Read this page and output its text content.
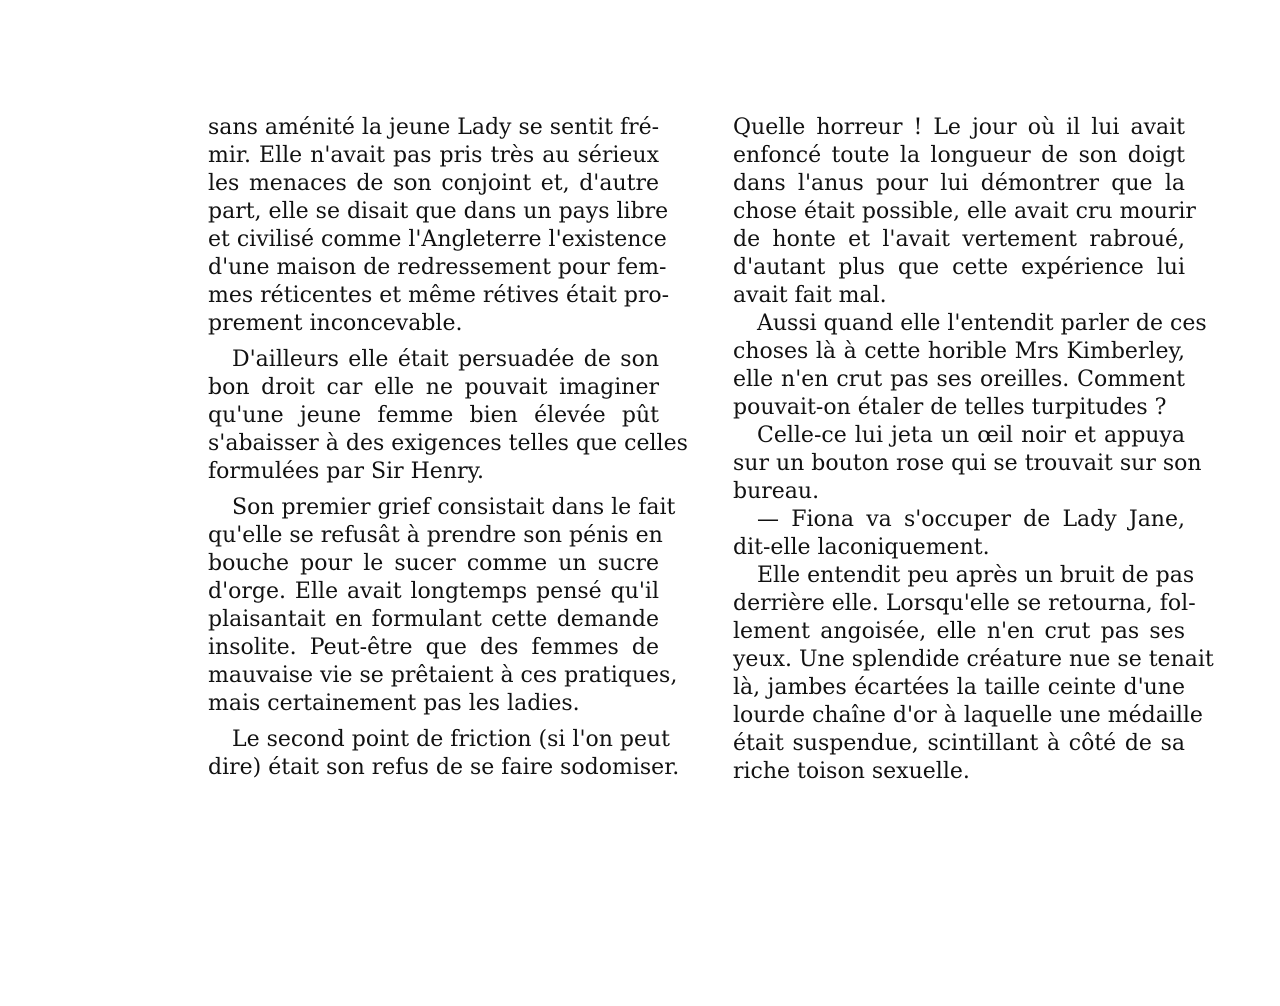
sans aménité la jeune Lady se sentit fré-
mir. Elle n'avait pas pris très au sérieux
les menaces de son conjoint et, d'autre
part, elle se disait que dans un pays libre
et civilisé comme l'Angleterre l'existence
d'une maison de redressement pour fem-
mes réticentes et même rétives était pro-
prement inconcevable.
D'ailleurs elle était persuadée de son
bon droit car elle ne pouvait imaginer
qu'une jeune femme bien élevée pût
s'abaisser à des exigences telles que celles
formulées par Sir Henry.
Son premier grief consistait dans le fait
qu'elle se refusât à prendre son pénis en
bouche pour le sucer comme un sucre
d'orge. Elle avait longtemps pensé qu'il
plaisantait en formulant cette demande
insolite. Peut-être que des femmes de
mauvaise vie se prêtaient à ces pratiques,
mais certainement pas les ladies.
Le second point de friction (si l'on peut
dire) était son refus de se faire sodomiser.
Quelle horreur ! Le jour où il lui avait
enfoncé toute la longueur de son doigt
dans l'anus pour lui démontrer que la
chose était possible, elle avait cru mourir
de honte et l'avait vertement rabroué,
d'autant plus que cette expérience lui
avait fait mal.
Aussi quand elle l'entendit parler de ces
choses là à cette horible Mrs Kimberley,
elle n'en crut pas ses oreilles. Comment
pouvait-on étaler de telles turpitudes ?
Celle-ce lui jeta un œil noir et appuya
sur un bouton rose qui se trouvait sur son
bureau.
— Fiona va s'occuper de Lady Jane,
dit-elle laconiquement.
Elle entendit peu après un bruit de pas
derrière elle. Lorsqu'elle se retourna, fol-
lement angoisée, elle n'en crut pas ses
yeux. Une splendide créature nue se tenait
là, jambes écartées la taille ceinte d'une
lourde chaîne d'or à laquelle une médaille
était suspendue, scintillant à côté de sa
riche toison sexuelle.
